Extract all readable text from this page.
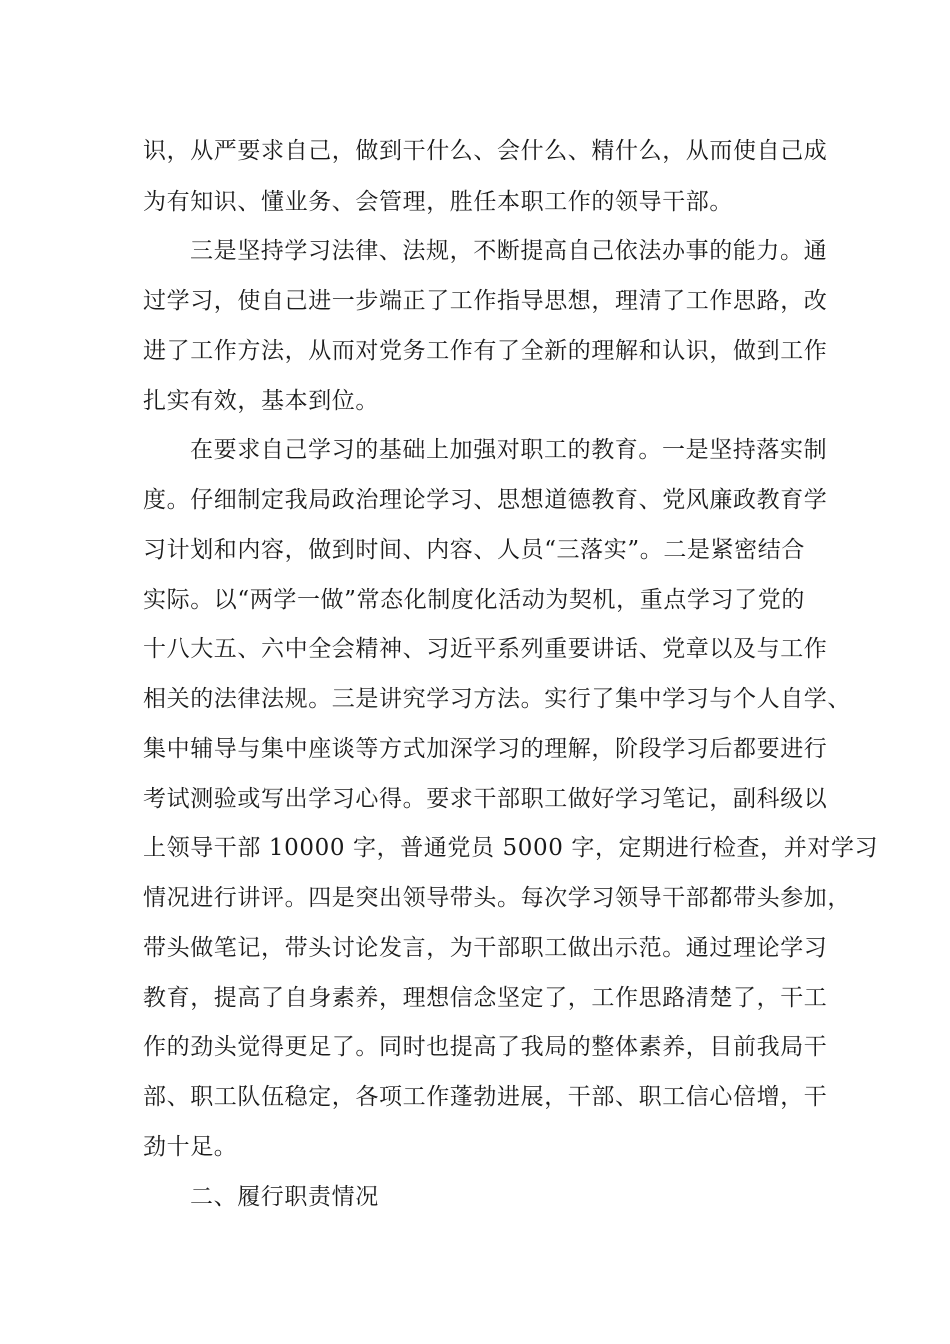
识，从严要求自己，做到干什么、会什么、精什么，从而使自己成
为有知识、懂业务、会管理，胜任本职工作的领导干部。
三是坚持学习法律、法规，不断提高自己依法办事的能力。通
过学习，使自己进一步端正了工作指导思想，理清了工作思路，改
进了工作方法，从而对党务工作有了全新的理解和认识，做到工作
扎实有效，基本到位。
在要求自己学习的基础上加强对职工的教育。一是坚持落实制
度。仔细制定我局政治理论学习、思想道德教育、党风廉政教育学
习计划和内容，做到时间、内容、人员“三落实”。二是紧密结合
实际。以“两学一做”常态化制度化活动为契机，重点学习了党的
十八大五、六中全会精神、习近平系列重要讲话、党章以及与工作
相关的法律法规。三是讲究学习方法。实行了集中学习与个人自学、
集中辅导与集中座谈等方式加深学习的理解，阶段学习后都要进行
考试测验或写出学习心得。要求干部职工做好学习笔记，副科级以
上领导干部 10000 字，普通党员 5000 字，定期进行检查，并对学习
情况进行讲评。四是突出领导带头。每次学习领导干部都带头参加，
带头做笔记，带头讨论发言，为干部职工做出示范。通过理论学习
教育，提高了自身素养，理想信念坚定了，工作思路清楚了，干工
作的劲头觉得更足了。同时也提高了我局的整体素养，目前我局干
部、职工队伍稳定，各项工作蓬勃进展，干部、职工信心倍增，干
劲十足。
二、履行职责情况
